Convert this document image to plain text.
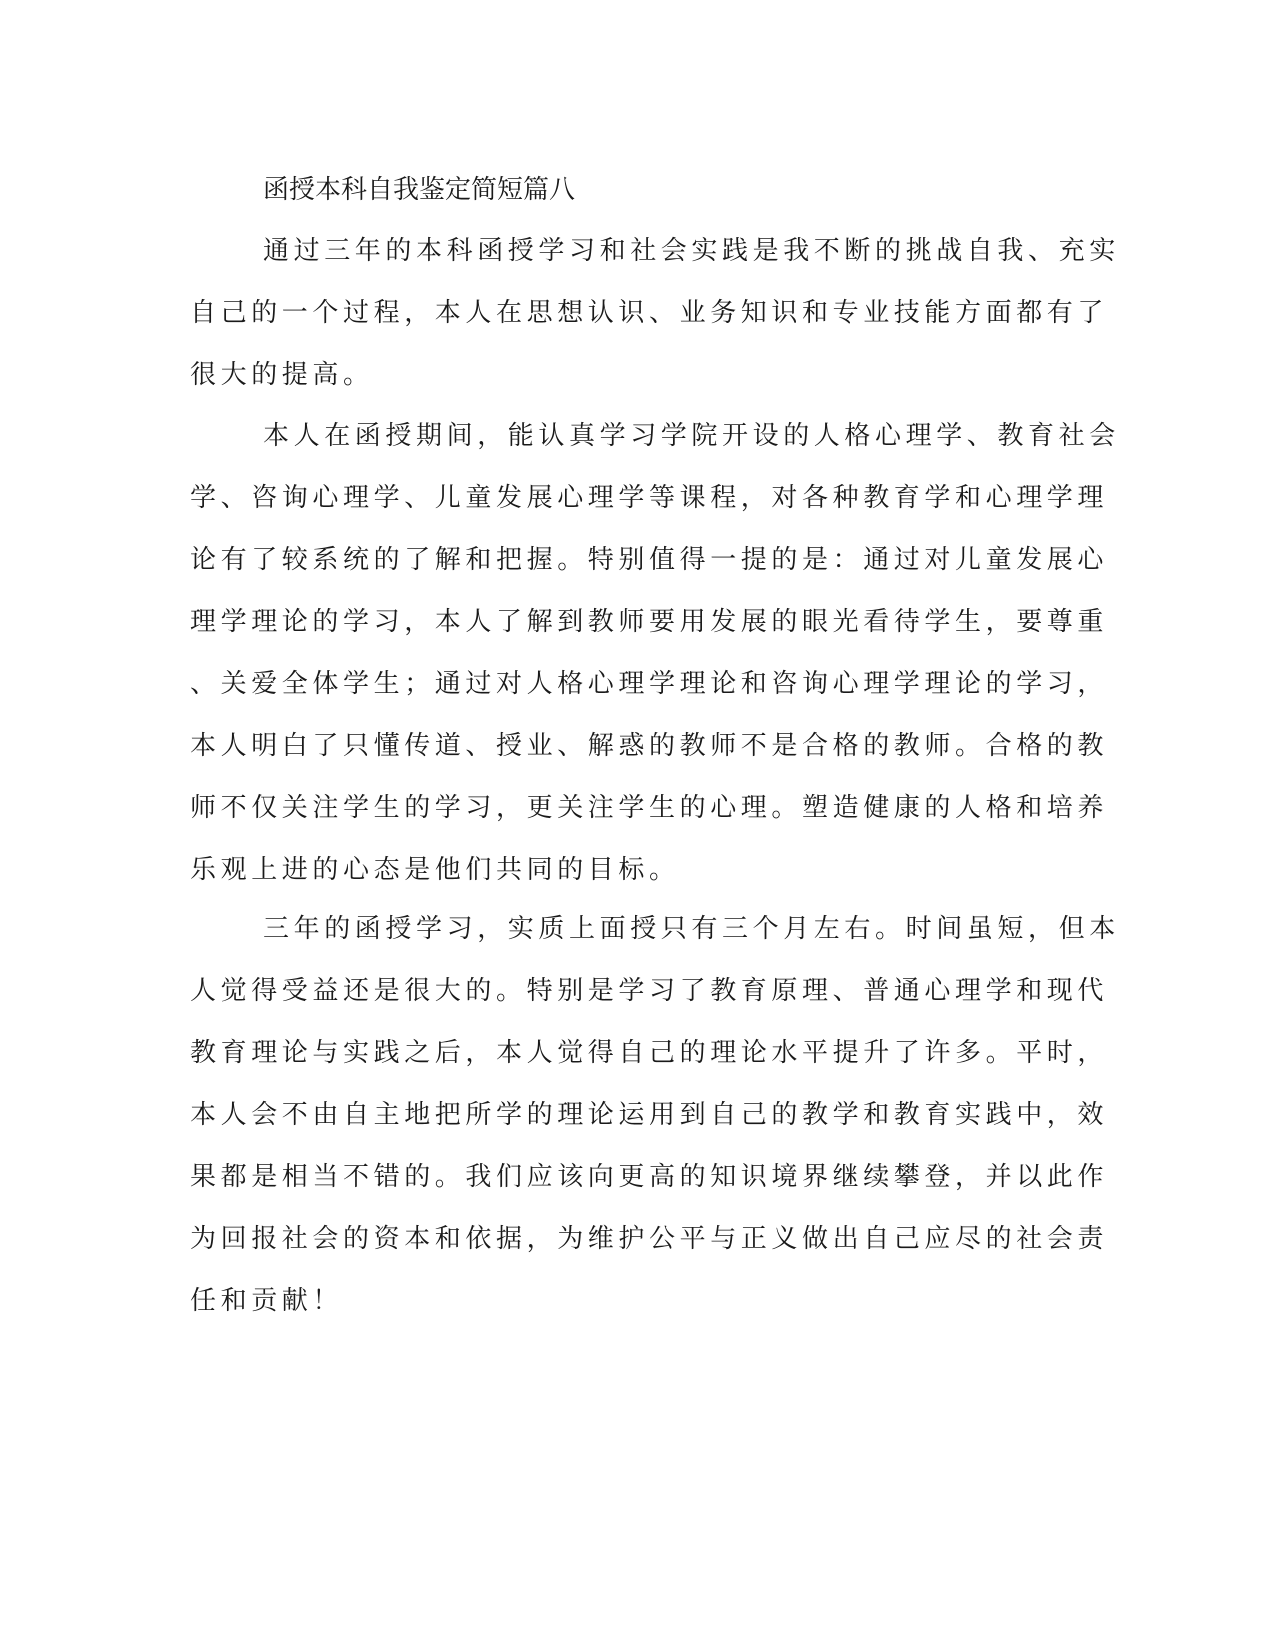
函授本科自我鉴定简短篇八
通过三年的本科函授学习和社会实践是我不断的挑战自我、充实
自己的一个过程，本人在思想认识、业务知识和专业技能方面都有了
很大的提高。
本人在函授期间，能认真学习学院开设的人格心理学、教育社会
学、咨询心理学、儿童发展心理学等课程，对各种教育学和心理学理
论有了较系统的了解和把握。特别值得一提的是：通过对儿童发展心
理学理论的学习，本人了解到教师要用发展的眼光看待学生，要尊重
、关爱全体学生；通过对人格心理学理论和咨询心理学理论的学习，
本人明白了只懂传道、授业、解惑的教师不是合格的教师。合格的教
师不仅关注学生的学习，更关注学生的心理。塑造健康的人格和培养
乐观上进的心态是他们共同的目标。
三年的函授学习，实质上面授只有三个月左右。时间虽短，但本
人觉得受益还是很大的。特别是学习了教育原理、普通心理学和现代
教育理论与实践之后，本人觉得自己的理论水平提升了许多。平时，
本人会不由自主地把所学的理论运用到自己的教学和教育实践中，效
果都是相当不错的。我们应该向更高的知识境界继续攀登，并以此作
为回报社会的资本和依据，为维护公平与正义做出自己应尽的社会责
任和贡献！
